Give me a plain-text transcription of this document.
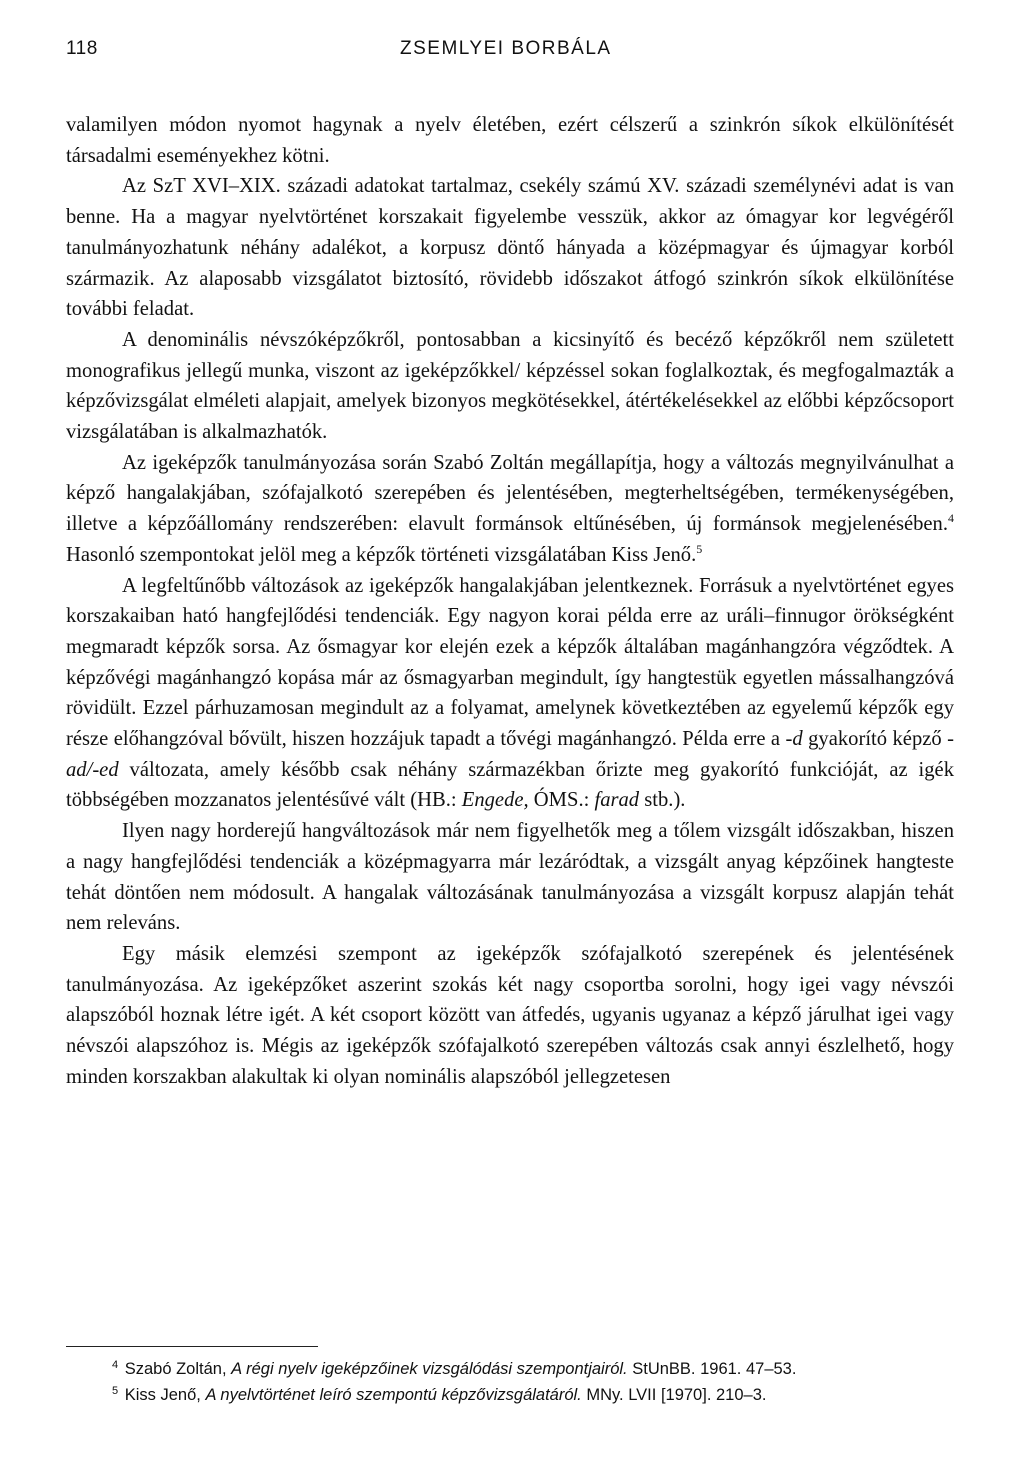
118	ZSEMLYEI BORBÁLA

valamilyen módon nyomot hagynak a nyelv életében, ezért célszerű a szinkrón síkok elkülönítését társadalmi eseményekhez kötni.

Az SzT XVI–XIX. századi adatokat tartalmaz, csekély számú XV. századi személynévi adat is van benne. Ha a magyar nyelvtörténet korszakait figyelembe vesszük, akkor az ómagyar kor legvégéről tanulmányozhatunk néhány adalékot, a korpusz döntő hányada a középmagyar és újmagyar korból származik. Az alaposabb vizsgálatot biztosító, rövidebb időszakot átfogó szinkrón síkok elkülönítése további feladat.

A denominális névszóképzőkről, pontosabban a kicsinyítő és becéző képzőkről nem született monografikus jellegű munka, viszont az igeképzőkkel/ képzéssel sokan foglalkoztak, és megfogalmazták a képzővizsgálat elméleti alapjait, amelyek bizonyos megkötésekkel, átértékelésekkel az előbbi képzőcsoport vizsgálatában is alkalmazhatók.

Az igeképzők tanulmányozása során Szabó Zoltán megállapítja, hogy a változás megnyilvánulhat a képző hangalakjában, szófajalkotó szerepében és jelentésében, megterheltségében, termékenységében, illetve a képzőállomány rendszerében: elavult formánsok eltűnésében, új formánsok megjelenésében.$^4$ Hasonló szempontokat jelöl meg a képzők történeti vizsgálatában Kiss Jenő.$^5$

A legfeltűnőbb változások az igeképzők hangalakjában jelentkeznek. Forrásuk a nyelvtörténet egyes korszakaiban ható hangfejlődési tendenciák. Egy nagyon korai példa erre az uráli–finnugor örökségként megmaradt képzők sorsa. Az ősmagyar kor elején ezek a képzők általában magánhangzóra végződtek. A képzővégi magánhangzó kopása már az ősmagyarban megindult, így hangtestük egyetlen mássalhangzóvá rövidült. Ezzel párhuzamosan megindult az a folyamat, amelynek következtében az egyelemű képzők egy része előhangzóval bővült, hiszen hozzájuk tapadt a tővégi magánhangzó. Példa erre a -d gyakorító képző - ad/-ed változata, amely később csak néhány származékban őrizte meg gyakorító funkcióját, az igék többségében mozzanatos jelentésűvé vált (HB.: Engede, ÓMS.: farad stb.).

Ilyen nagy horderejű hangváltozások már nem figyelhetők meg a tőlem vizsgált időszakban, hiszen a nagy hangfejlődési tendenciák a középmagyarra már lezáródtak, a vizsgált anyag képzőinek hangteste tehát döntően nem módosult. A hangalak változásának tanulmányozása a vizsgált korpusz alapján tehát nem releváns.

Egy másik elemzési szempont az igeképzők szófajalkotó szerepének és jelentésének tanulmányozása. Az igeképzőket aszerint szokás két nagy csoportba sorolni, hogy igei vagy névszói alapszóból hoznak létre igét. A két csoport között van átfedés, ugyanis ugyanaz a képző járulhat igei vagy névszói alapszóhoz is. Mégis az igeképzők szófajalkotó szerepében változás csak annyi észlelhető, hogy minden korszakban alakultak ki olyan nominális alapszóból jellegzetesen

$^4$ Szabó Zoltán, A régi nyelv igeképzőinek vizsgálódási szempontjairól. StUnBB. 1961. 47–53.

$^5$ Kiss Jenő, A nyelvtörténet leíró szempontú képzővizsgálatáról. MNy. LVII [1970]. 210–3.
